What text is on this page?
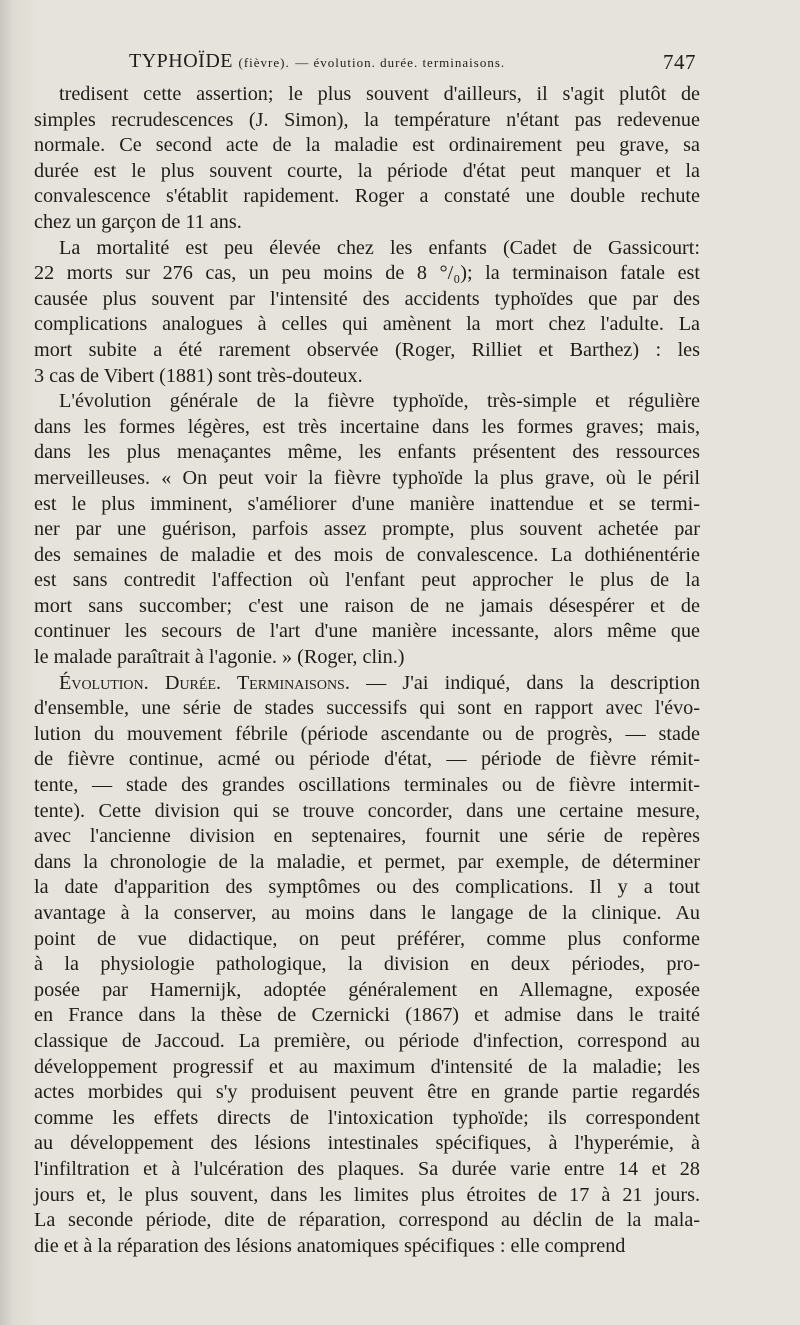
TYPHOÏDE (fièvre). — évolution. durée. terminaisons.	747

tredisent cette assertion; le plus souvent d'ailleurs, il s'agit plutôt de
simples recrudescences (J. Simon), la température n'étant pas redevenue
normale. Ce second acte de la maladie est ordinairement peu grave, sa
durée est le plus souvent courte, la période d'état peut manquer et la
convalescence s'établit rapidement. Roger a constaté une double rechute
chez un garçon de 11 ans.

La mortalité est peu élevée chez les enfants (Cadet de Gassicourt:
22 morts sur 276 cas, un peu moins de 8 °/₀); la terminaison fatale est
causée plus souvent par l'intensité des accidents typhoïdes que par des
complications analogues à celles qui amènent la mort chez l'adulte. La
mort subite a été rarement observée (Roger, Rilliet et Barthez) : les
3 cas de Vibert (1881) sont très-douteux.

L'évolution générale de la fièvre typhoïde, très-simple et régulière
dans les formes légères, est très incertaine dans les formes graves; mais,
dans les plus menaçantes même, les enfants présentent des ressources
merveilleuses. « On peut voir la fièvre typhoïde la plus grave, où le péril
est le plus imminent, s'améliorer d'une manière inattendue et se termi-
ner par une guérison, parfois assez prompte, plus souvent achetée par
des semaines de maladie et des mois de convalescence. La dothiénentérie
est sans contredit l'affection où l'enfant peut approcher le plus de la
mort sans succomber; c'est une raison de ne jamais désespérer et de
continuer les secours de l'art d'une manière incessante, alors même que
le malade paraîtrait à l'agonie. » (Roger, clin.)

Évolution. Durée. Terminaisons. — J'ai indiqué, dans la description
d'ensemble, une série de stades successifs qui sont en rapport avec l'évo-
lution du mouvement fébrile (période ascendante ou de progrès, — stade
de fièvre continue, acmé ou période d'état, — période de fièvre rémit-
tente, — stade des grandes oscillations terminales ou de fièvre intermit-
tente). Cette division qui se trouve concorder, dans une certaine mesure,
avec l'ancienne division en septenaires, fournit une série de repères
dans la chronologie de la maladie, et permet, par exemple, de déterminer
la date d'apparition des symptômes ou des complications. Il y a tout
avantage à la conserver, au moins dans le langage de la clinique. Au
point de vue didactique, on peut préférer, comme plus conforme
à la physiologie pathologique, la division en deux périodes, pro-
posée par Hamernijk, adoptée généralement en Allemagne, exposée
en France dans la thèse de Czernicki (1867) et admise dans le traité
classique de Jaccoud. La première, ou période d'infection, correspond au
développement progressif et au maximum d'intensité de la maladie; les
actes morbides qui s'y produisent peuvent être en grande partie regardés
comme les effets directs de l'intoxication typhoïde; ils correspondent
au développement des lésions intestinales spécifiques, à l'hyperémie, à
l'infiltration et à l'ulcération des plaques. Sa durée varie entre 14 et 28
jours et, le plus souvent, dans les limites plus étroites de 17 à 21 jours.
La seconde période, dite de réparation, correspond au déclin de la mala-
die et à la réparation des lésions anatomiques spécifiques : elle comprend
